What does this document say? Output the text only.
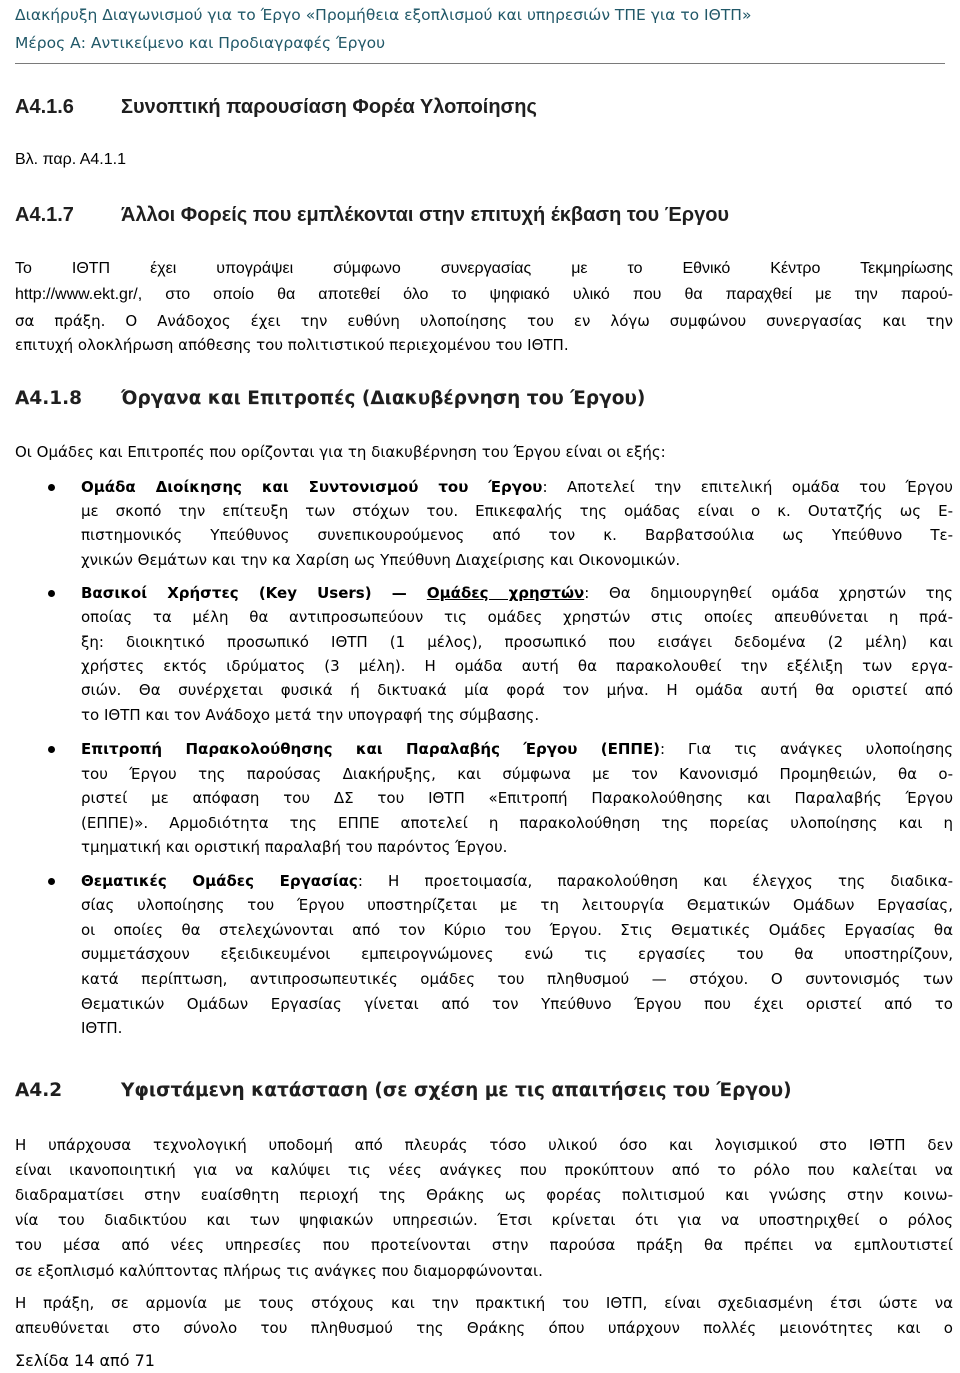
Διακήρυξη Διαγωνισμού για το Έργο «Προμήθεια εξοπλισμού και υπηρεσιών ΤΠΕ για το ΙΘΤΠ»
Μέρος Α: Αντικείμενο και Προδιαγραφές Έργου
Α4.1.6 Συνοπτική παρουσίαση Φορέα Υλοποίησης
Βλ. παρ. Α4.1.1
Α4.1.7 Άλλοι Φορείς που εμπλέκονται στην επιτυχή έκβαση του Έργου
Το ΙΘΤΠ έχει υπογράψει σύμφωνο συνεργασίας με το Εθνικό Κέντρο Τεκμηρίωσης
http://www.ekt.gr/, στο οποίο θα αποτεθεί όλο το ψηφιακό υλικό που θα παραχθεί με την παρού-
σα πράξη. Ο Ανάδοχος έχει την ευθύνη υλοποίησης του εν λόγω συμφώνου συνεργασίας και την
επιτυχή ολοκλήρωση απόθεσης του πολιτιστικού περιεχομένου του ΙΘΤΠ.
Α4.1.8 Όργανα και Επιτροπές (Διακυβέρνηση του Έργου)
Οι Ομάδες και Επιτροπές που ορίζονται για τη διακυβέρνηση του Έργου είναι οι εξής:
Ομάδα Διοίκησης και Συντονισμού του Έργου: Αποτελεί την επιτελική ομάδα του Έργου
με σκοπό την επίτευξη των στόχων του. Επικεφαλής της ομάδας είναι ο κ. Ουτατζής ως Ε-
πιστημονικός Υπεύθυνος συνεπικουρούμενος από τον κ. Βαρβατσούλια ως Υπεύθυνο Τε-
χνικών Θεμάτων και την κα Χαρίση ως Υπεύθυνη Διαχείρισης και Οικονομικών.
Βασικοί Χρήστες (Key Users) — Ομάδες χρηστών: Θα δημιουργηθεί ομάδα χρηστών της
οποίας τα μέλη θα αντιπροσωπεύουν τις ομάδες χρηστών στις οποίες απευθύνεται η πρά-
ξη: διοικητικό προσωπικό ΙΘΤΠ (1 μέλος), προσωπικό που εισάγει δεδομένα (2 μέλη) και
χρήστες εκτός ιδρύματος (3 μέλη). Η ομάδα αυτή θα παρακολουθεί την εξέλιξη των εργα-
σιών. Θα συνέρχεται φυσικά ή δικτυακά μία φορά τον μήνα. Η ομάδα αυτή θα οριστεί από
το ΙΘΤΠ και τον Ανάδοχο μετά την υπογραφή της σύμβασης.
Επιτροπή Παρακολούθησης και Παραλαβής Έργου (ΕΠΠΕ): Για τις ανάγκες υλοποίησης
του Έργου της παρούσας Διακήρυξης, και σύμφωνα με τον Κανονισμό Προμηθειών, θα ο-
ριστεί με απόφαση του ΔΣ του ΙΘΤΠ «Επιτροπή Παρακολούθησης και Παραλαβής Έργου
(ΕΠΠΕ)». Αρμοδιότητα της ΕΠΠΕ αποτελεί η παρακολούθηση της πορείας υλοποίησης και η
τμηματική και οριστική παραλαβή του παρόντος Έργου.
Θεματικές Ομάδες Εργασίας: Η προετοιμασία, παρακολούθηση και έλεγχος της διαδικα-
σίας υλοποίησης του Έργου υποστηρίζεται με τη λειτουργία Θεματικών Ομάδων Εργασίας,
οι οποίες θα στελεχώνονται από τον Κύριο του Έργου. Στις Θεματικές Ομάδες Εργασίας θα
συμμετάσχουν εξειδικευμένοι εμπειρογνώμονες ενώ τις εργασίες του θα υποστηρίζουν,
κατά περίπτωση, αντιπροσωπευτικές ομάδες του πληθυσμού — στόχου. Ο συντονισμός των
Θεματικών Ομάδων Εργασίας γίνεται από τον Υπεύθυνο Έργου που έχει οριστεί από το
ΙΘΤΠ.
Α4.2	Υφιστάμενη κατάσταση (σε σχέση με τις απαιτήσεις του Έργου)
Η υπάρχουσα τεχνολογική υποδομή από πλευράς τόσο υλικού όσο και λογισμικού στο ΙΘΤΠ δεν
είναι ικανοποιητική για να καλύψει τις νέες ανάγκες που προκύπτουν από το ρόλο που καλείται να
διαδραματίσει στην ευαίσθητη περιοχή της Θράκης ως φορέας πολιτισμού και γνώσης στην κοινω-
νία του διαδικτύου και των ψηφιακών υπηρεσιών. Έτσι κρίνεται ότι για να υποστηριχθεί ο ρόλος
του μέσα από νέες υπηρεσίες που προτείνονται στην παρούσα πράξη θα πρέπει να εμπλουτιστεί
σε εξοπλισμό καλύπτοντας πλήρως τις ανάγκες που διαμορφώνονται.
Η πράξη, σε αρμονία με τους στόχους και την πρακτική του ΙΘΤΠ, είναι σχεδιασμένη έτσι ώστε να
απευθύνεται στο σύνολο του πληθυσμού της Θράκης όπου υπάρχουν πολλές μειονότητες και ο
Σελίδα 14 από 71
